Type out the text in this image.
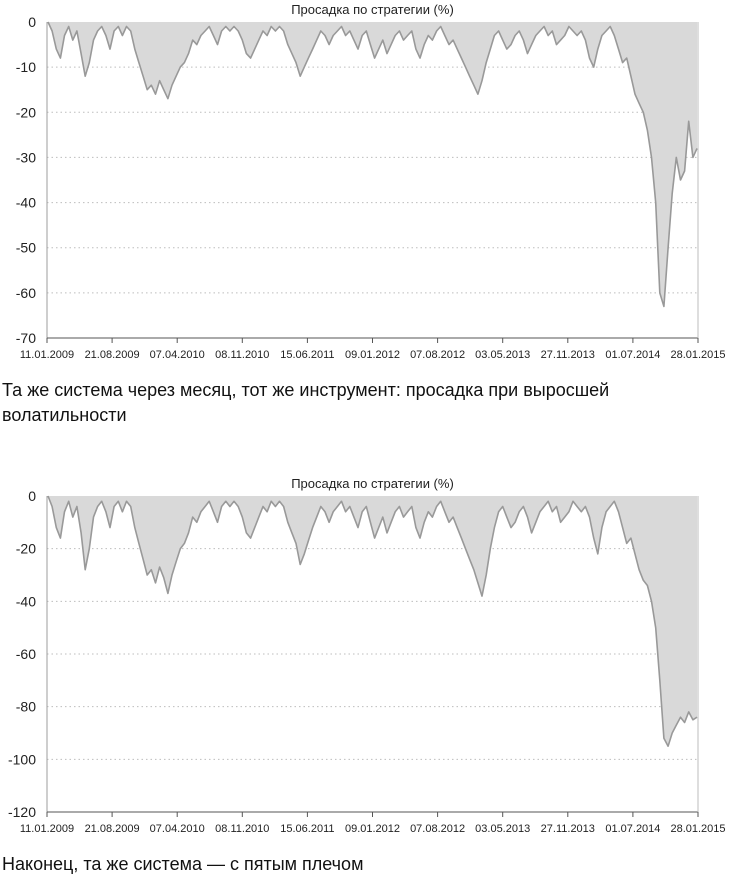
Просадка по стратегии (%)
0
-10
-20
-30
-40
-50
-60
-70
11.01.2009 21.08.2009 07.04.2010 08.11.2010 15.06.2011 09.01.2012 07.08.2012 03.05.2013 27.11.2013 01.07.2014 28.01.2015
Та же система через месяц, тот же инструмент: просадка при выросшей волатильности
Просадка по стратегии (%)
0
-20
-40
-60
-80
-100
-120
11.01.2009 21.08.2009 07.04.2010 08.11.2010 15.06.2011 09.01.2012 07.08.2012 03.05.2013 27.11.2013 01.07.2014 28.01.2015
Наконец, та же система — с пятым плечом
